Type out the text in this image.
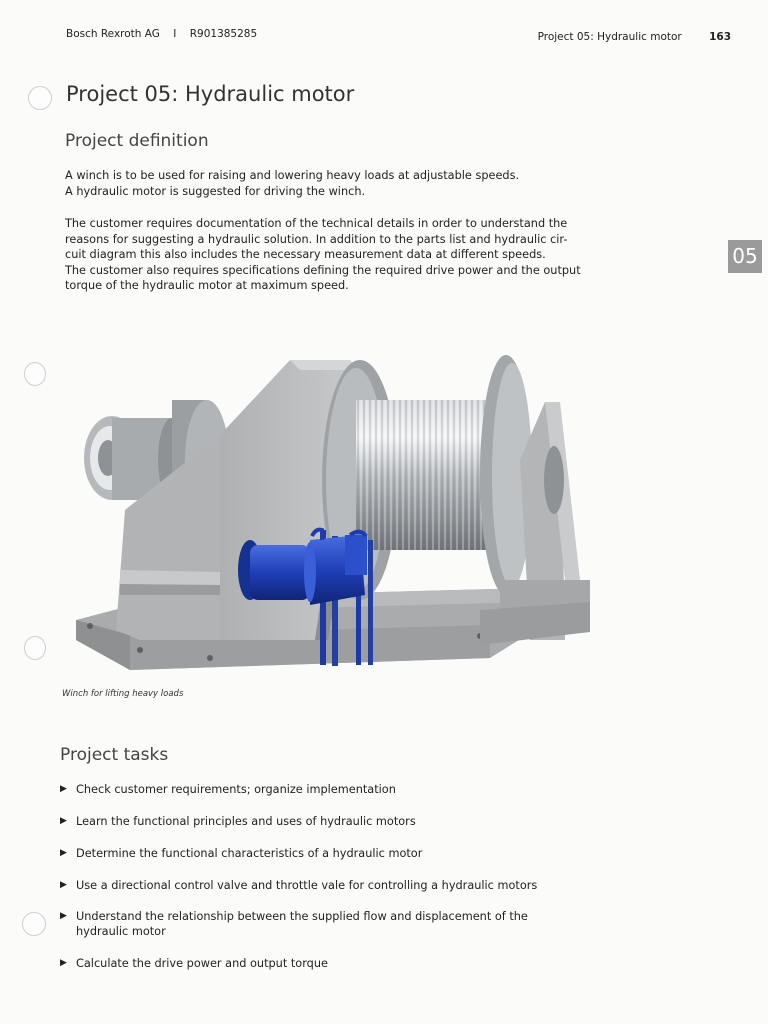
Bosch Rexroth AG I R901385285	Project 05: Hydraulic motor	163
05
Project 05: Hydraulic motor
Project definition
A winch is to be used for raising and lowering heavy loads at adjustable speeds.
A hydraulic motor is suggested for driving the winch.
The customer requires documentation of the technical details in order to understand the
reasons for suggesting a hydraulic solution. In addition to the parts list and hydraulic cir-
cuit diagram this also includes the necessary measurement data at different speeds.
The customer also requires specifications defining the required drive power and the output
torque of the hydraulic motor at maximum speed.
Winch for lifting heavy loads
Project tasks
▶ Check customer requirements; organize implementation
▶ Learn the functional principles and uses of hydraulic motors
▶ Determine the functional characteristics of a hydraulic motor
▶ Use a directional control valve and throttle vale for controlling a hydraulic motors
▶ Understand the relationship between the supplied flow and displacement of the
hydraulic motor
▶ Calculate the drive power and output torque
